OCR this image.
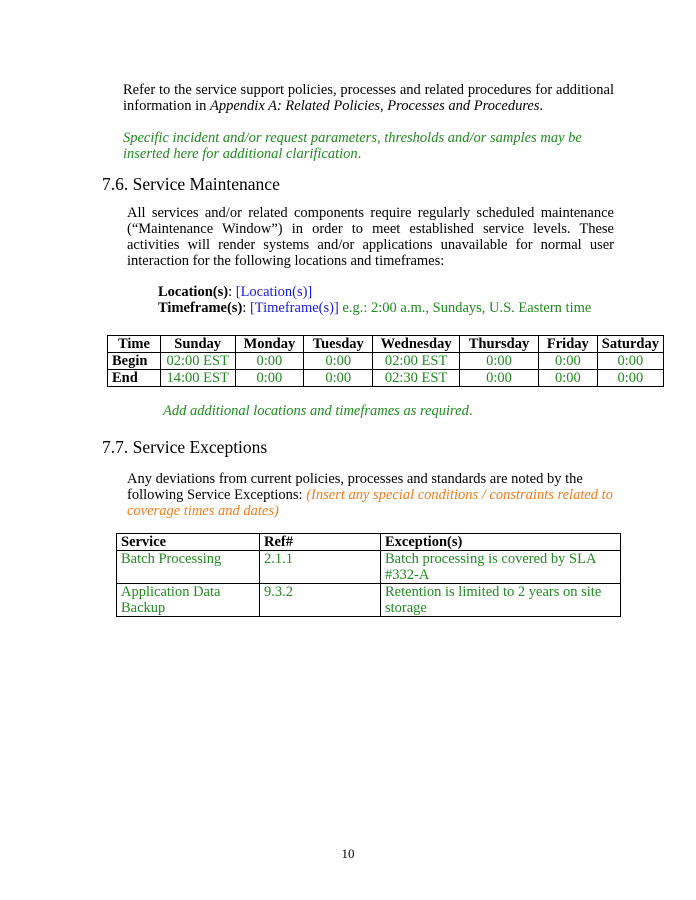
Refer to the service support policies, processes and related procedures for additional information in Appendix A: Related Policies, Processes and Procedures.
Specific incident and/or request parameters, thresholds and/or samples may be inserted here for additional clarification.
7.6. Service Maintenance
All services and/or related components require regularly scheduled maintenance (“Maintenance Window”) in order to meet established service levels. These activities will render systems and/or applications unavailable for normal user interaction for the following locations and timeframes:
Location(s): [Location(s)]
Timeframe(s): [Timeframe(s)] e.g.: 2:00 a.m., Sundays, U.S. Eastern time
Time	Sunday	Monday	Tuesday	Wednesday	Thursday	Friday	Saturday
Begin	02:00 EST	0:00	0:00	02:00 EST	0:00	0:00	0:00
End	14:00 EST	0:00	0:00	02:30 EST	0:00	0:00	0:00
Add additional locations and timeframes as required.
7.7. Service Exceptions
Any deviations from current policies, processes and standards are noted by the following Service Exceptions: (Insert any special conditions / constraints related to coverage times and dates)
Service	Ref#	Exception(s)
Batch Processing	2.1.1	Batch processing is covered by SLA #332-A
Application Data Backup	9.3.2	Retention is limited to 2 years on site storage
10
